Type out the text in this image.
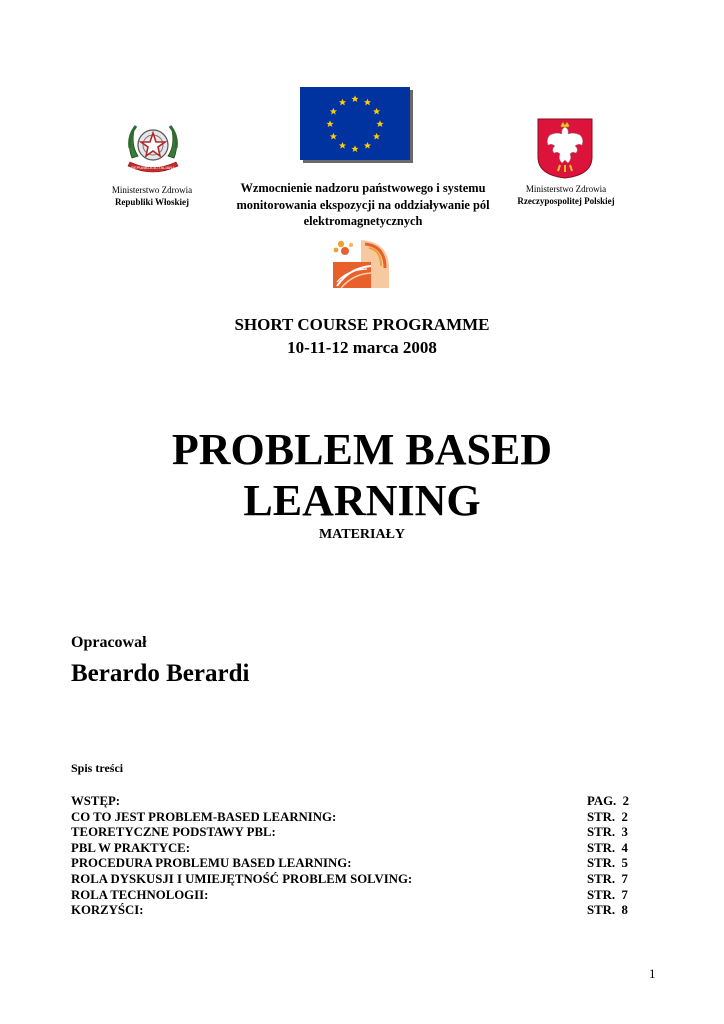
REPUBBLICA ITALIANA
Ministerstwo Zdrowia
Republiki Włoskiej
Wzmocnienie nadzoru państwowego i systemu monitorowania ekspozycji na oddziaływanie pól elektromagnetycznych
Ministerstwo Zdrowia
Rzeczypospolitej Polskiej
SHORT COURSE PROGRAMME
10-11-12 marca 2008
PROBLEM BASED
LEARNING
MATERIAŁY
Opracował
Berardo Berardi
Spis treści
WSTĘP:	PAG.  2
CO TO JEST PROBLEM-BASED LEARNING:	STR.  2
TEORETYCZNE PODSTAWY PBL:	STR.  3
PBL W PRAKTYCE:	STR.  4
PROCEDURA PROBLEMU BASED LEARNING:	STR.  5
ROLA DYSKUSJI I UMIEJĘTNOŚĆ PROBLEM SOLVING:	STR.  7
ROLA TECHNOLOGII:	STR.  7
KORZYŚCI:	STR.  8
1
